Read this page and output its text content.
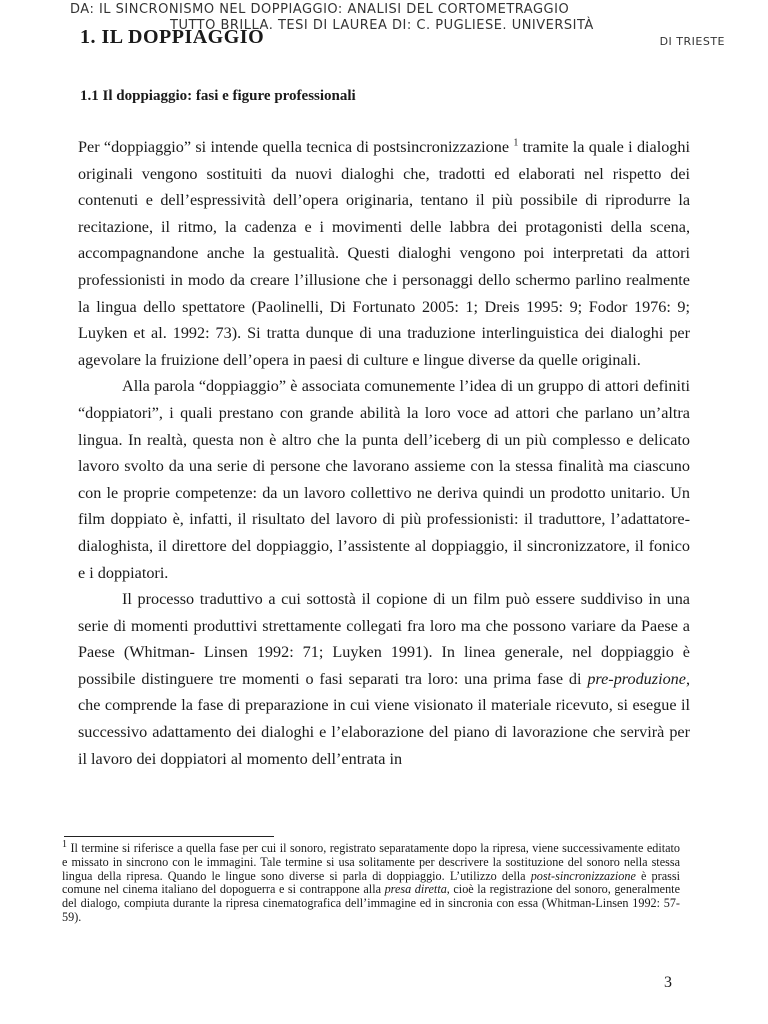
DA: IL SINCRONISMO NEL DOPPIAGGIO: ANALISI DEL CORTOMETRAGGIO
TUTTO BRILLA. TESI DI LAUREA DI: C. PUGLIESE. UNIVERSITÀ
DI TRIESTE
1. IL DOPPIAGGIO
1.1 Il doppiaggio: fasi e figure professionali

Per “doppiaggio” si intende quella tecnica di postsincronizzazione $^1$ tramite la quale i dialoghi originali vengono sostituiti da nuovi dialoghi che, tradotti ed elaborati nel rispetto dei contenuti e dell’espressività dell’opera originaria, tentano il più possibile di riprodurre la recitazione, il ritmo, la cadenza e i movimenti delle labbra dei protagonisti della scena, accompagnandone anche la gestualità. Questi dialoghi vengono poi interpretati da attori professionisti in modo da creare l’illusione che i personaggi dello schermo parlino realmente la lingua dello spettatore (Paolinelli, Di Fortunato 2005: 1; Dreis 1995: 9; Fodor 1976: 9; Luyken et al. 1992: 73). Si tratta dunque di una traduzione interlinguistica dei dialoghi per agevolare la fruizione dell’opera in paesi di culture e lingue diverse da quelle originali.

Alla parola “doppiaggio” è associata comunemente l’idea di un gruppo di attori definiti “doppiatori”, i quali prestano con grande abilità la loro voce ad attori che parlano un’altra lingua. In realtà, questa non è altro che la punta dell’iceberg di un più complesso e delicato lavoro svolto da una serie di persone che lavorano assieme con la stessa finalità ma ciascuno con le proprie competenze: da un lavoro collettivo ne deriva quindi un prodotto unitario. Un film doppiato è, infatti, il risultato del lavoro di più professionisti: il traduttore, l’adattatore-dialoghista, il direttore del doppiaggio, l’assistente al doppiaggio, il sincronizzatore, il fonico e i doppiatori.

Il processo traduttivo a cui sottostà il copione di un film può essere suddiviso in una serie di momenti produttivi strettamente collegati fra loro ma che possono variare da Paese a Paese (Whitman- Linsen 1992: 71; Luyken 1991). In linea generale, nel doppiaggio è possibile distinguere tre momenti o fasi separati tra loro: una prima fase di pre-produzione, che comprende la fase di preparazione in cui viene visionato il materiale ricevuto, si esegue il successivo adattamento dei dialoghi e l’elaborazione del piano di lavorazione che servirà per il lavoro dei doppiatori al momento dell’entrata in

$^1$ Il termine si riferisce a quella fase per cui il sonoro, registrato separatamente dopo la ripresa, viene successivamente editato e missato in sincrono con le immagini. Tale termine si usa solitamente per descrivere la sostituzione del sonoro nella stessa lingua della ripresa. Quando le lingue sono diverse si parla di doppiaggio. L’utilizzo della post-sincronizzazione è prassi comune nel cinema italiano del dopoguerra e si contrappone alla presa diretta, cioè la registrazione del sonoro, generalmente del dialogo, compiuta durante la ripresa cinematografica dell’immagine ed in sincronia con essa (Whitman-Linsen 1992: 57-59).

3
